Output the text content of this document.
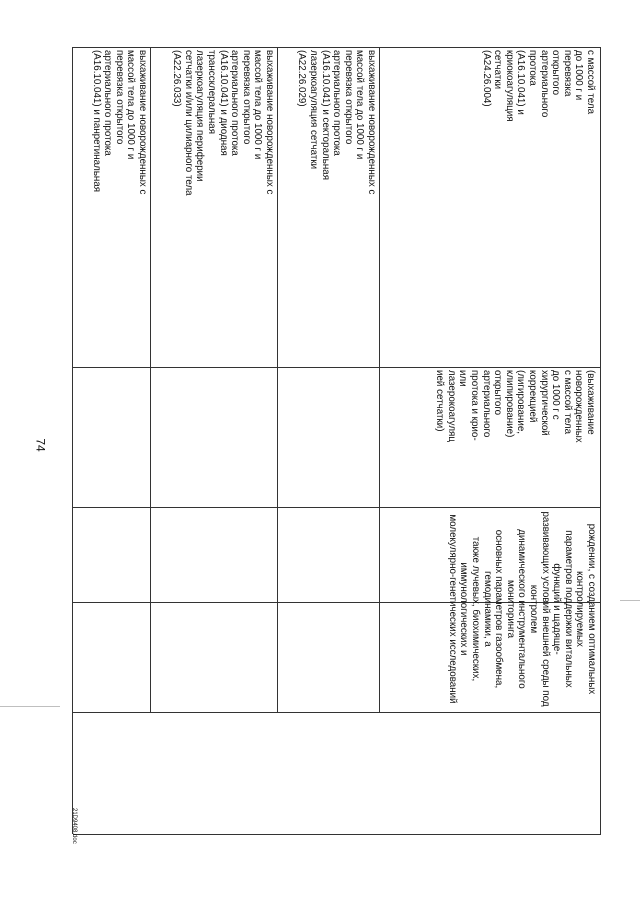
74
с массой тела
до 1000 г и
перевязка
открытого
артериального
протока
(A16.10.041) и
криокоагуляция
сетчатки
(A24.26.004)
(выхаживание
новорожденных
с массой тела
до 1000 г с
хирургической
коррекцией
(лигирование,
клипирование)
открытого
артериального
протока и крио-
или
лазерокоагуляц
ией сетчатки)
рождении, с созданием оптимальных контролируемых
параметров поддержки витальных функций и щадяще-
развивающих условий внешней среды под контролем
динамического инструментального мониторинга
основных параметров газообмена, гемодинамики, а
также лучевых, биохимических, иммунологических и
молекулярно-генетических исследований
выхаживание новорожденных с
массой тела до 1000 г и
перевязка открытого
артериального протока
(A16.10.041) и секторальная
лазеркоагуляция сетчатки
(A22.26.029)
выхаживание новорожденных с
массой тела до 1000 г и
перевязка открытого
артериального протока
(A16.10.041) и диодная
транссклеральная
лазеркоагуляция периферии
сетчатки и/или цилиарного тела
(A22.26.033)
выхаживание новорожденных с
массой тела до 1000 г и
перевязка открытого
артериального протока
(A16.10.041) и панретинальная
21D9408.doc
